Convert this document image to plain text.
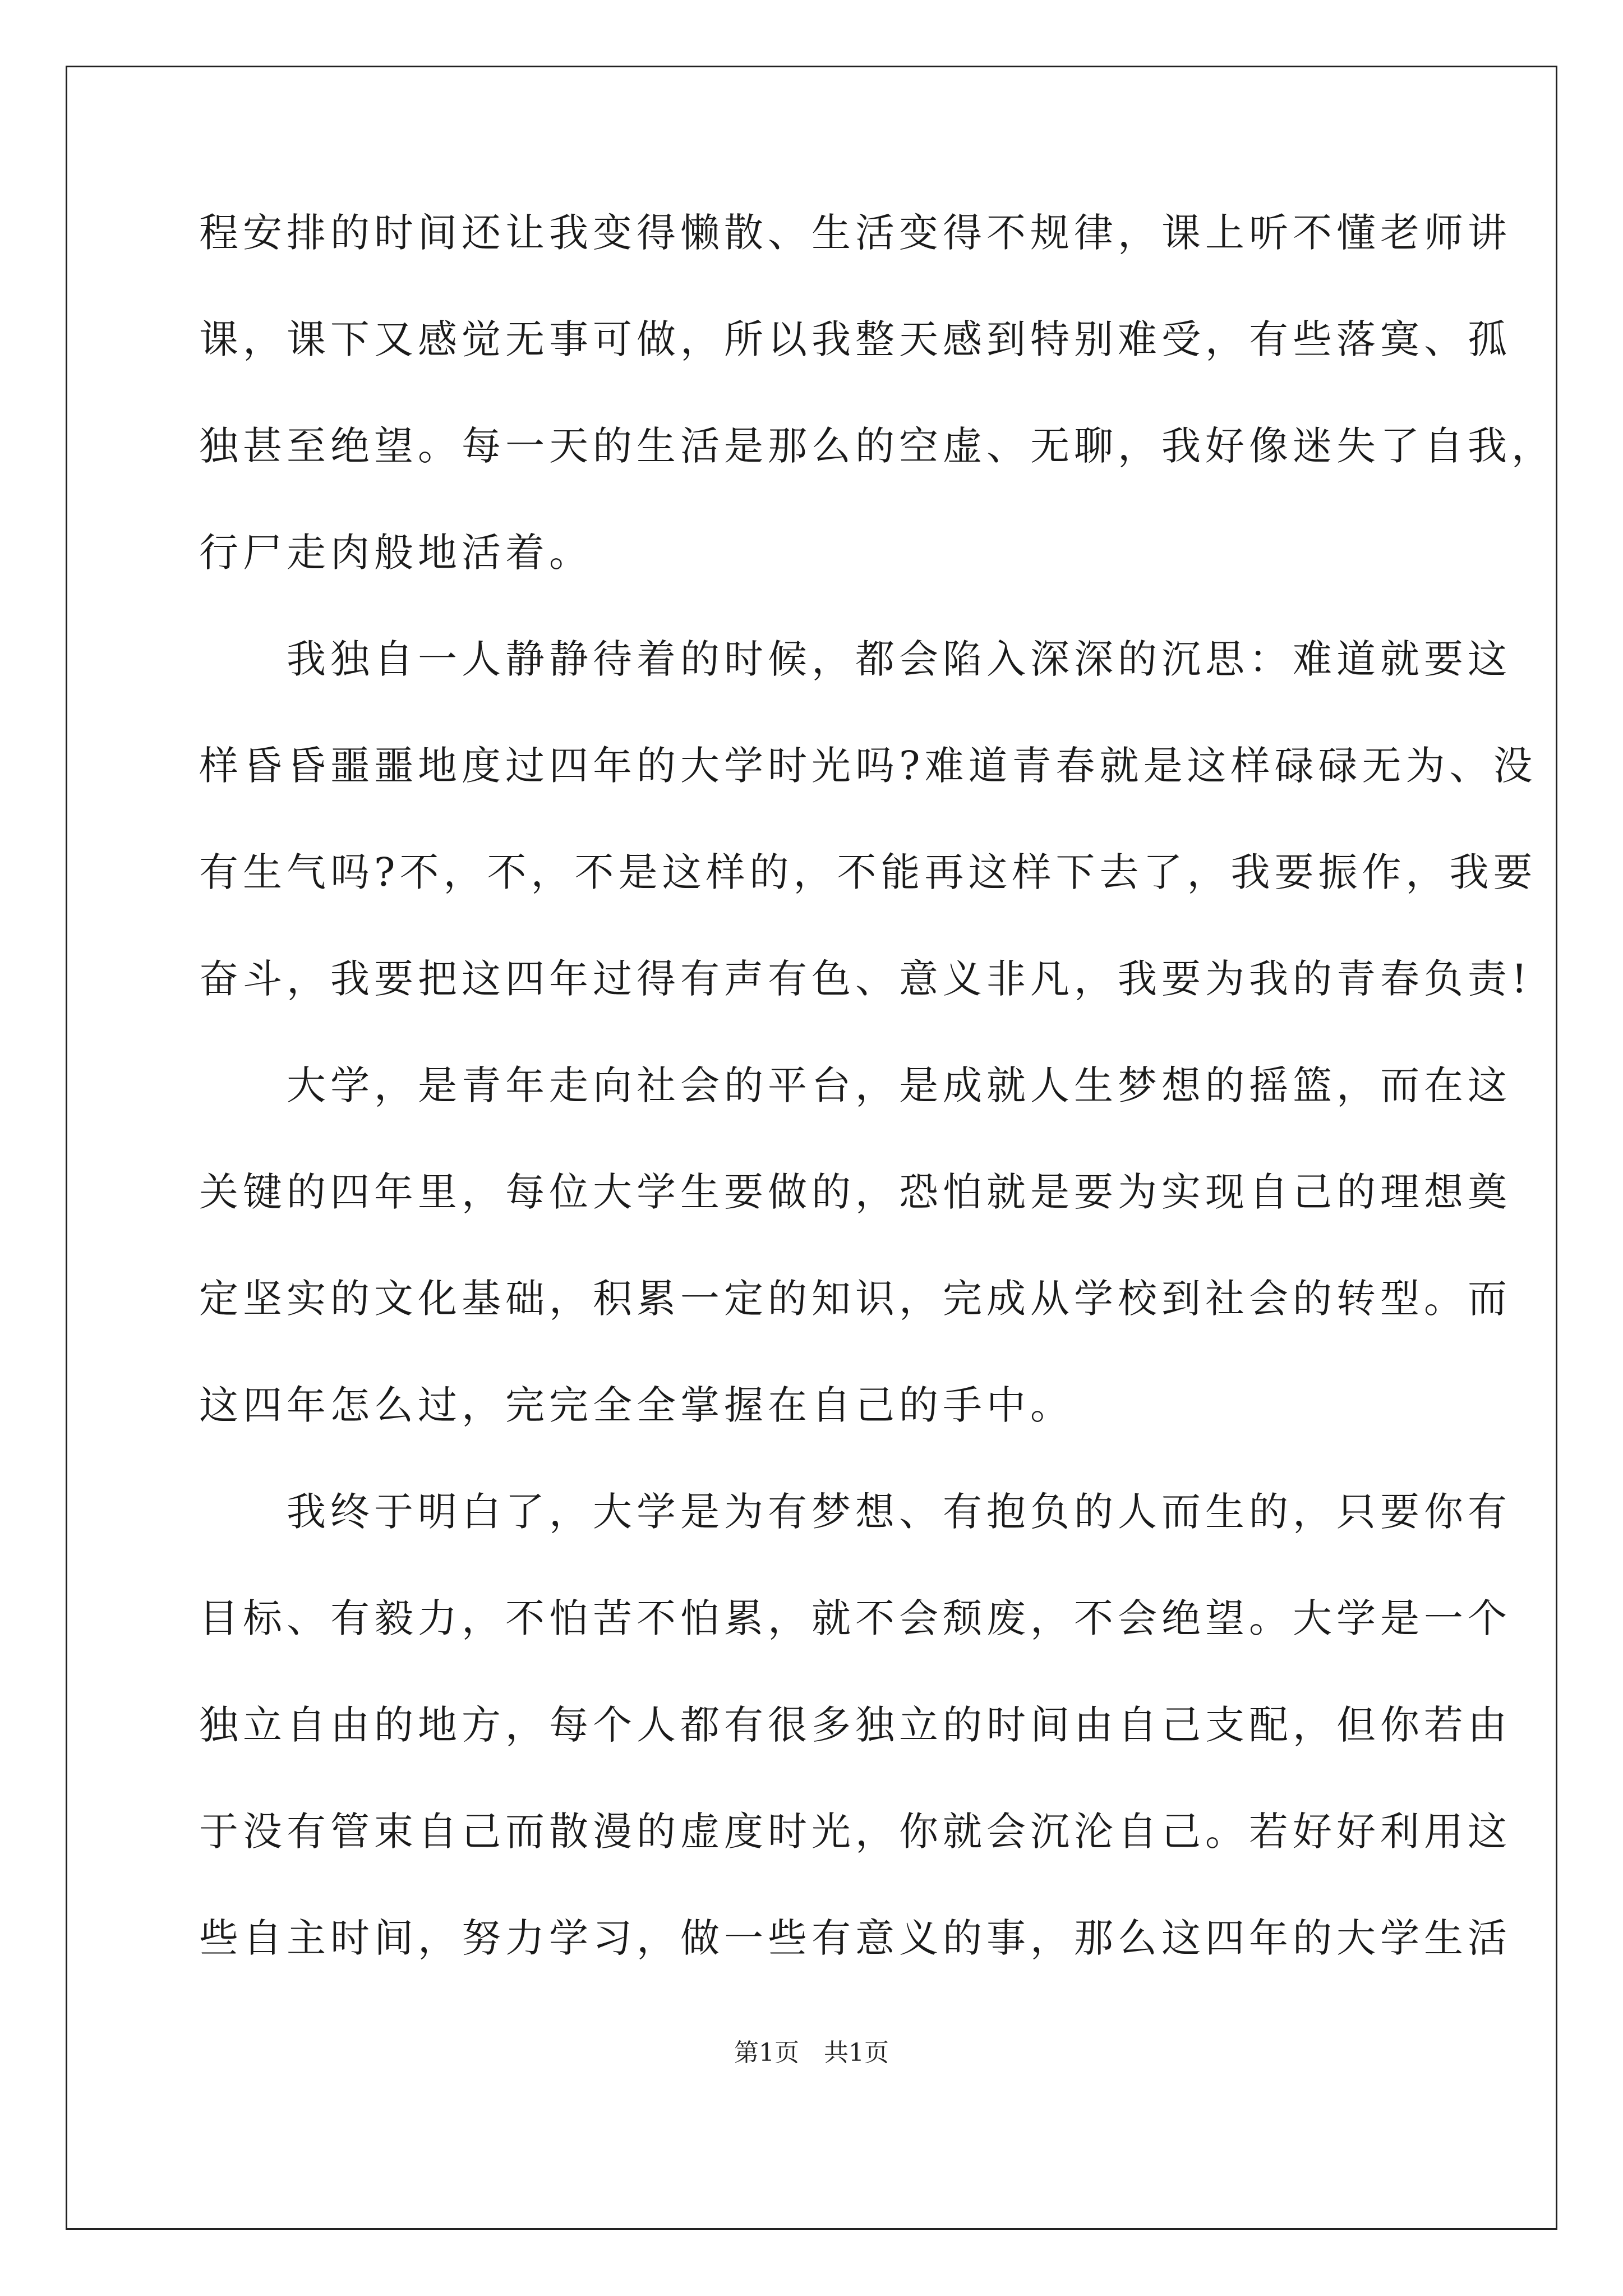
程安排的时间还让我变得懒散、生活变得不规律，课上听不懂老师讲
课，课下又感觉无事可做，所以我整天感到特别难受，有些落寞、孤
独甚至绝望。每一天的生活是那么的空虚、无聊，我好像迷失了自我，
行尸走肉般地活着。
　　我独自一人静静待着的时候，都会陷入深深的沉思：难道就要这
样昏昏噩噩地度过四年的大学时光吗?难道青春就是这样碌碌无为、没
有生气吗?不，不，不是这样的，不能再这样下去了，我要振作，我要
奋斗，我要把这四年过得有声有色、意义非凡，我要为我的青春负责!
　　大学，是青年走向社会的平台，是成就人生梦想的摇篮，而在这
关键的四年里，每位大学生要做的，恐怕就是要为实现自己的理想奠
定坚实的文化基础，积累一定的知识，完成从学校到社会的转型。而
这四年怎么过，完完全全掌握在自己的手中。
　　我终于明白了，大学是为有梦想、有抱负的人而生的，只要你有
目标、有毅力，不怕苦不怕累，就不会颓废，不会绝望。大学是一个
独立自由的地方，每个人都有很多独立的时间由自己支配，但你若由
于没有管束自己而散漫的虚度时光，你就会沉沦自己。若好好利用这
些自主时间，努力学习，做一些有意义的事，那么这四年的大学生活
第1页　共1页
